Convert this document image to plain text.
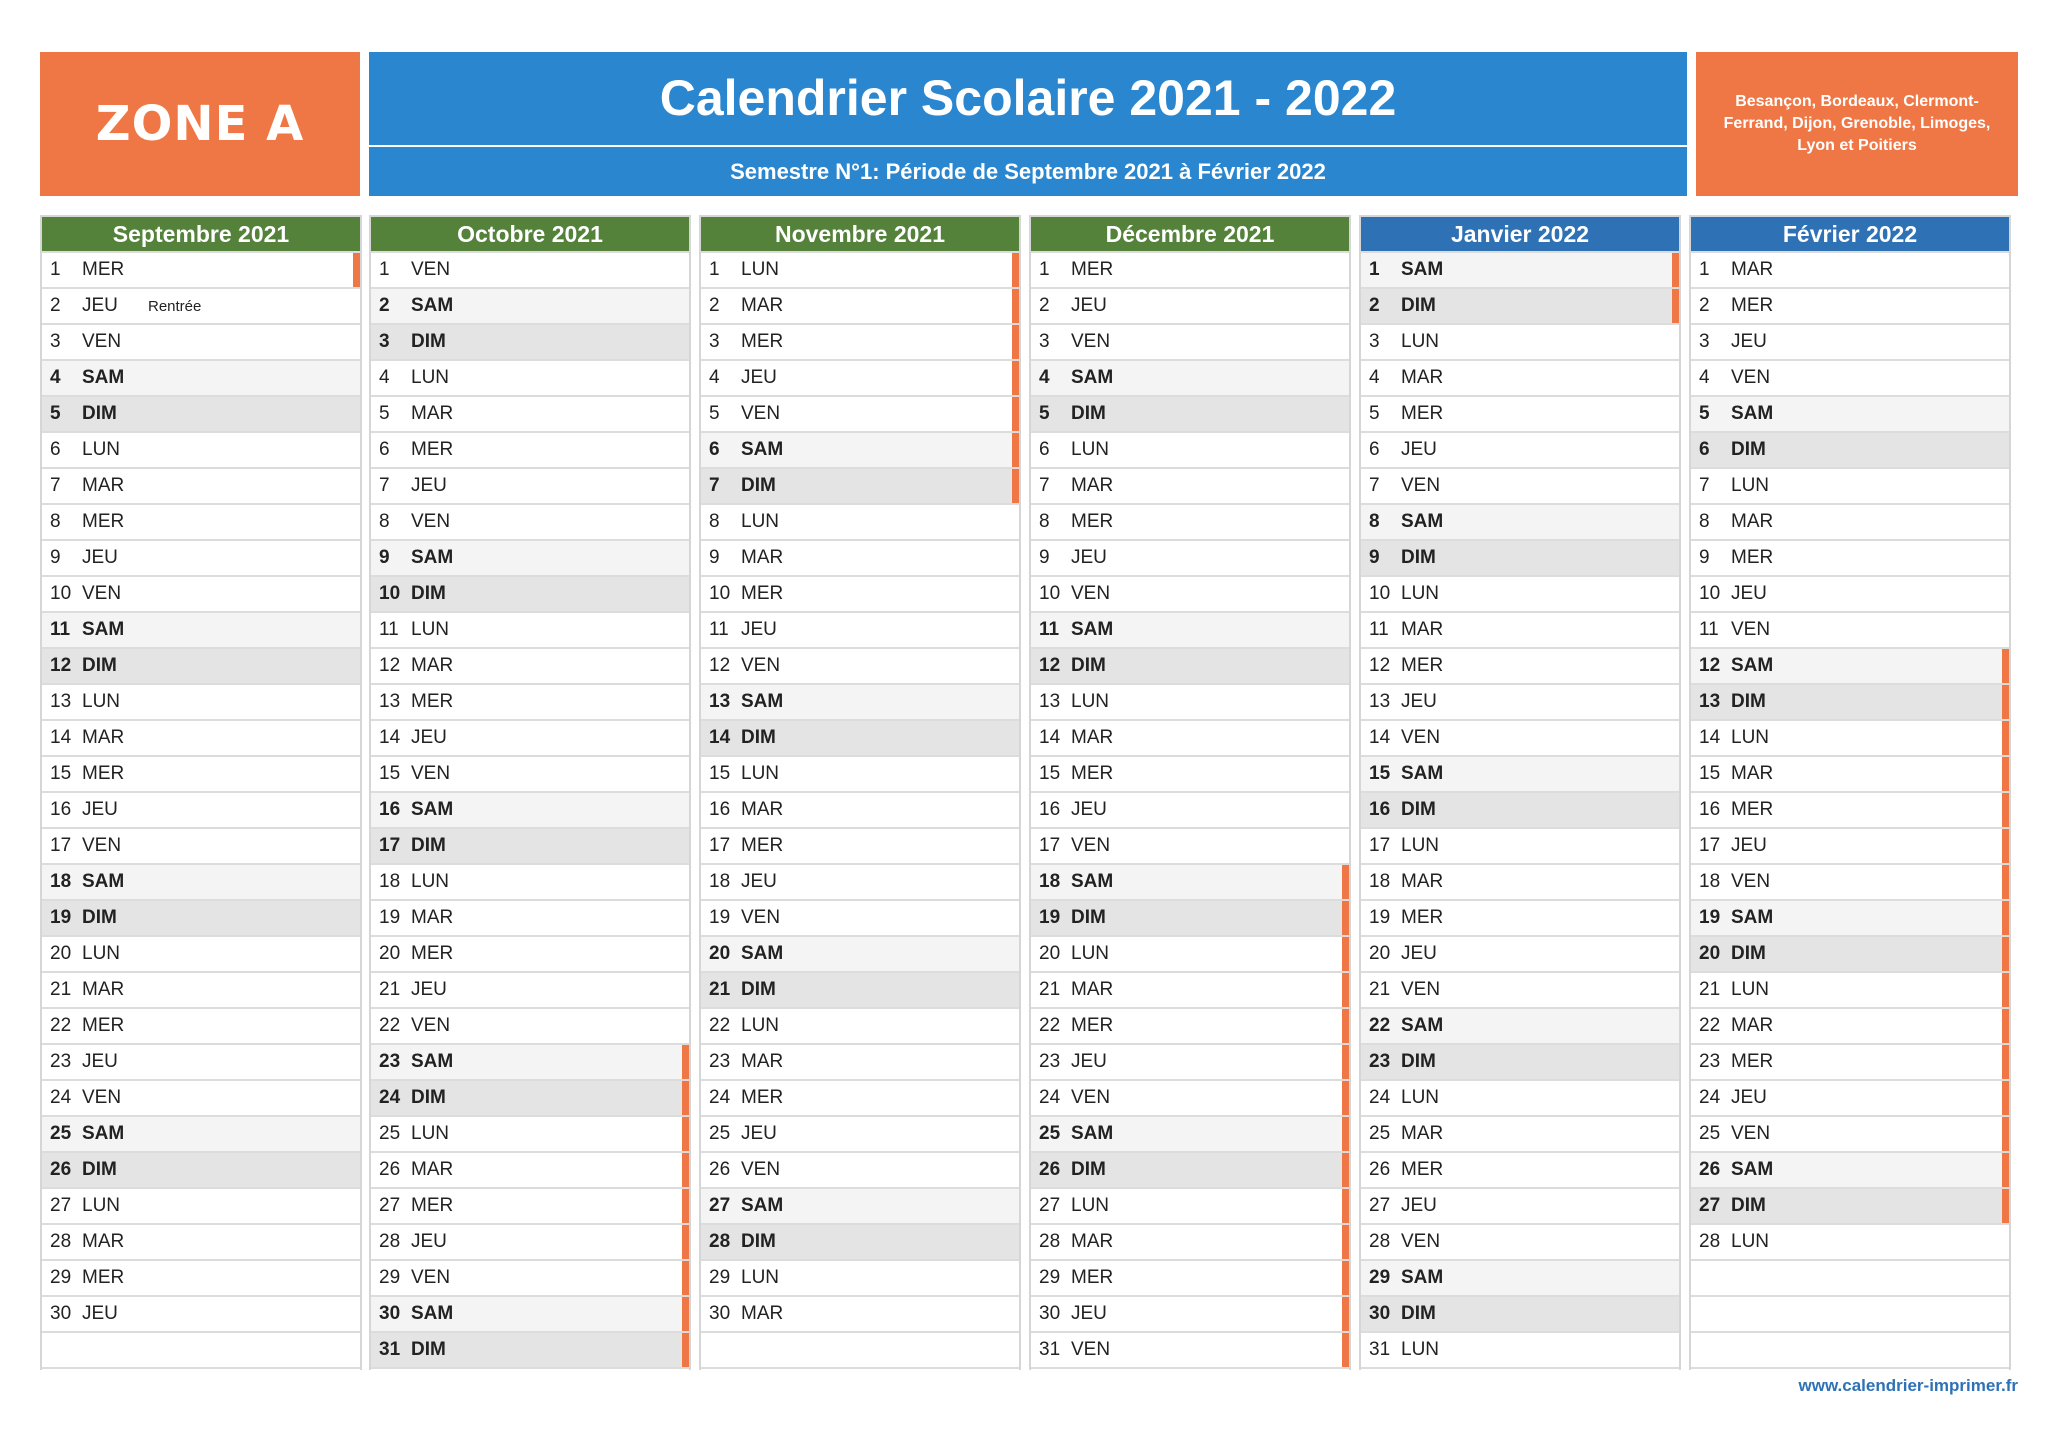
ZONE A	Calendrier Scolaire 2021 - 2022
Semestre N°1: Période de Septembre 2021 à Février 2022
Besançon, Bordeaux, Clermont-Ferrand, Dijon, Grenoble, Limoges, Lyon et Poitiers
Septembre 2021
1	MER
2	JEU	Rentrée
3	VEN
4	SAM
5	DIM
6	LUN
7	MAR
8	MER
9	JEU
10 VEN
11 SAM
12 DIM
13 LUN
14 MAR
15 MER
16 JEU
17 VEN
18 SAM
19 DIM
20 LUN
21 MAR
22 MER
23 JEU
24 VEN
25 SAM
26 DIM
27 LUN
28 MAR
29 MER
30 JEU
Octobre 2021
1	VEN
2	SAM
3	DIM
4	LUN
5	MAR
6	MER
7	JEU
8	VEN
9	SAM
10 DIM
11 LUN
12 MAR
13 MER
14 JEU
15 VEN
16 SAM
17 DIM
18 LUN
19 MAR
20 MER
21 JEU
22 VEN
23 SAM
24 DIM
25 LUN
26 MAR
27 MER
28 JEU
29 VEN
30 SAM
31 DIM
Novembre 2021
1	LUN
2	MAR
3	MER
4	JEU
5	VEN
6	SAM
7	DIM
8	LUN
9	MAR
10 MER
11 JEU
12 VEN
13 SAM
14 DIM
15 LUN
16 MAR
17 MER
18 JEU
19 VEN
20 SAM
21 DIM
22 LUN
23 MAR
24 MER
25 JEU
26 VEN
27 SAM
28 DIM
29 LUN
30 MAR
Décembre 2021
1	MER
2	JEU
3	VEN
4	SAM
5	DIM
6	LUN
7	MAR
8	MER
9	JEU
10 VEN
11 SAM
12 DIM
13 LUN
14 MAR
15 MER
16 JEU
17 VEN
18 SAM
19 DIM
20 LUN
21 MAR
22 MER
23 JEU
24 VEN
25 SAM
26 DIM
27 LUN
28 MAR
29 MER
30 JEU
31 VEN
Janvier 2022
1	SAM
2	DIM
3	LUN
4	MAR
5	MER
6	JEU
7	VEN
8	SAM
9	DIM
10 LUN
11 MAR
12 MER
13 JEU
14 VEN
15 SAM
16 DIM
17 LUN
18 MAR
19 MER
20 JEU
21 VEN
22 SAM
23 DIM
24 LUN
25 MAR
26 MER
27 JEU
28 VEN
29 SAM
30 DIM
31 LUN
Février 2022
1	MAR
2	MER
3	JEU
4	VEN
5	SAM
6	DIM
7	LUN
8	MAR
9	MER
10 JEU
11 VEN
12 SAM
13 DIM
14 LUN
15 MAR
16 MER
17 JEU
18 VEN
19 SAM
20 DIM
21 LUN
22 MAR
23 MER
24 JEU
25 VEN
26 SAM
27 DIM
28 LUN
www.calendrier-imprimer.fr
